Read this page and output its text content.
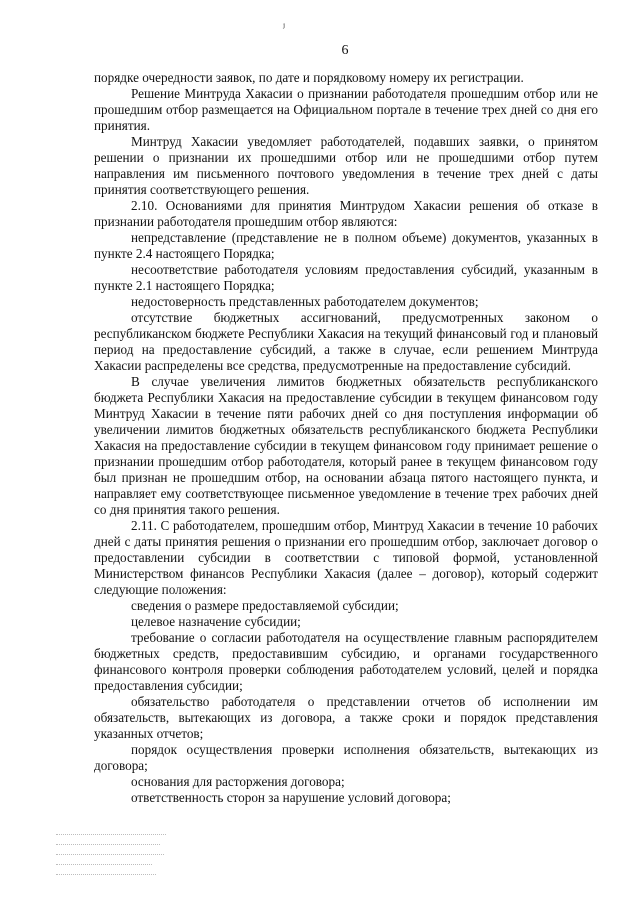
ʲ
6

порядке очередности заявок, по дате и порядковому номеру их регистрации.

Решение Минтруда Хакасии о признании работодателя прошедшим отбор или не прошедшим отбор размещается на Официальном портале в течение трех дней со дня его принятия.

Минтруд Хакасии уведомляет работодателей, подавших заявки, о принятом решении о признании их прошедшими отбор или не прошедшими отбор путем направления им письменного почтового уведомления в течение трех дней с даты принятия соответствующего решения.

2.10. Основаниями для принятия Минтрудом Хакасии решения об отказе в признании работодателя прошедшим отбор являются:

непредставление (представление не в полном объеме) документов, указанных в пункте 2.4 настоящего Порядка;

несоответствие работодателя условиям предоставления субсидий, указанным в пункте 2.1 настоящего Порядка;

недостоверность представленных работодателем документов;

отсутствие бюджетных ассигнований, предусмотренных законом о республиканском бюджете Республики Хакасия на текущий финансовый год и плановый период на предоставление субсидий, а также в случае, если решением Минтруда Хакасии распределены все средства, предусмотренные на предоставление субсидий.

В случае увеличения лимитов бюджетных обязательств республиканского бюджета Республики Хакасия на предоставление субсидии в текущем финансовом году Минтруд Хакасии в течение пяти рабочих дней со дня поступления информации об увеличении лимитов бюджетных обязательств республиканского бюджета Республики Хакасия на предоставление субсидии в текущем финансовом году принимает решение о признании прошедшим отбор работодателя, который ранее в текущем финансовом году был признан не прошедшим отбор, на основании абзаца пятого настоящего пункта, и направляет ему соответствующее письменное уведомление в течение трех рабочих дней со дня принятия такого решения.

2.11. С работодателем, прошедшим отбор, Минтруд Хакасии в течение 10 рабочих дней с даты принятия решения о признании его прошедшим отбор, заключает договор о предоставлении субсидии в соответствии с типовой формой, установленной Министерством финансов Республики Хакасия (далее – договор), который содержит следующие положения:

сведения о размере предоставляемой субсидии;

целевое назначение субсидии;

требование о согласии работодателя на осуществление главным распорядителем бюджетных средств, предоставившим субсидию, и органами государственного финансового контроля проверки соблюдения работодателем условий, целей и порядка предоставления субсидии;

обязательство работодателя о представлении отчетов об исполнении им обязательств, вытекающих из договора, а также сроки и порядок представления указанных отчетов;

порядок осуществления проверки исполнения обязательств, вытекающих из договора;

основания для расторжения договора;

ответственность сторон за нарушение условий договора;
